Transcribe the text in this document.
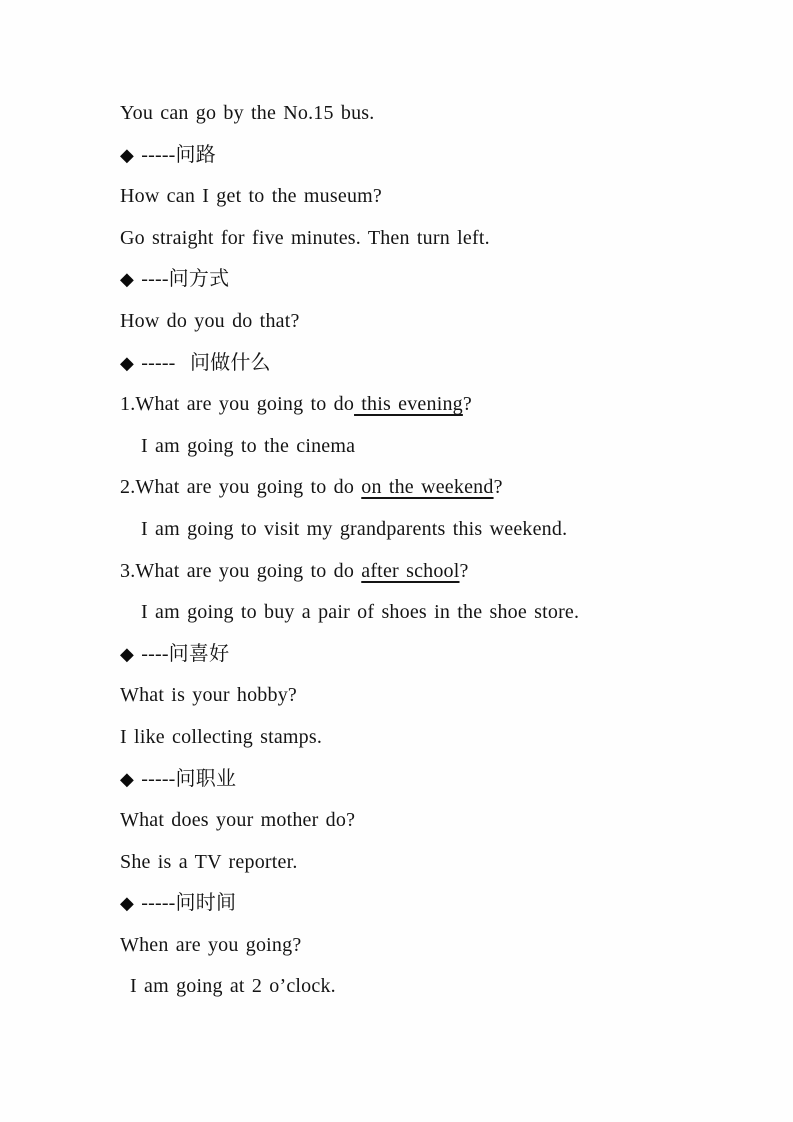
You can go by the No.15 bus.
◆ -----问路
How can I get to the museum?
Go straight for five minutes. Then turn left.
◆ ----问方式
How do you do that?
◆ -----  问做什么
1.What are you going to do this evening?
I am going to the cinema
2.What are you going to do on the weekend?
I am going to visit my grandparents this weekend.
3.What are you going to do after school?
I am going to buy a pair of shoes in the shoe store.
◆ ----问喜好
What is your hobby?
I like collecting stamps.
◆ -----问职业
What does your mother do?
She is a TV reporter.
◆ -----问时间
When are you going?
I am going at 2 o’clock.
